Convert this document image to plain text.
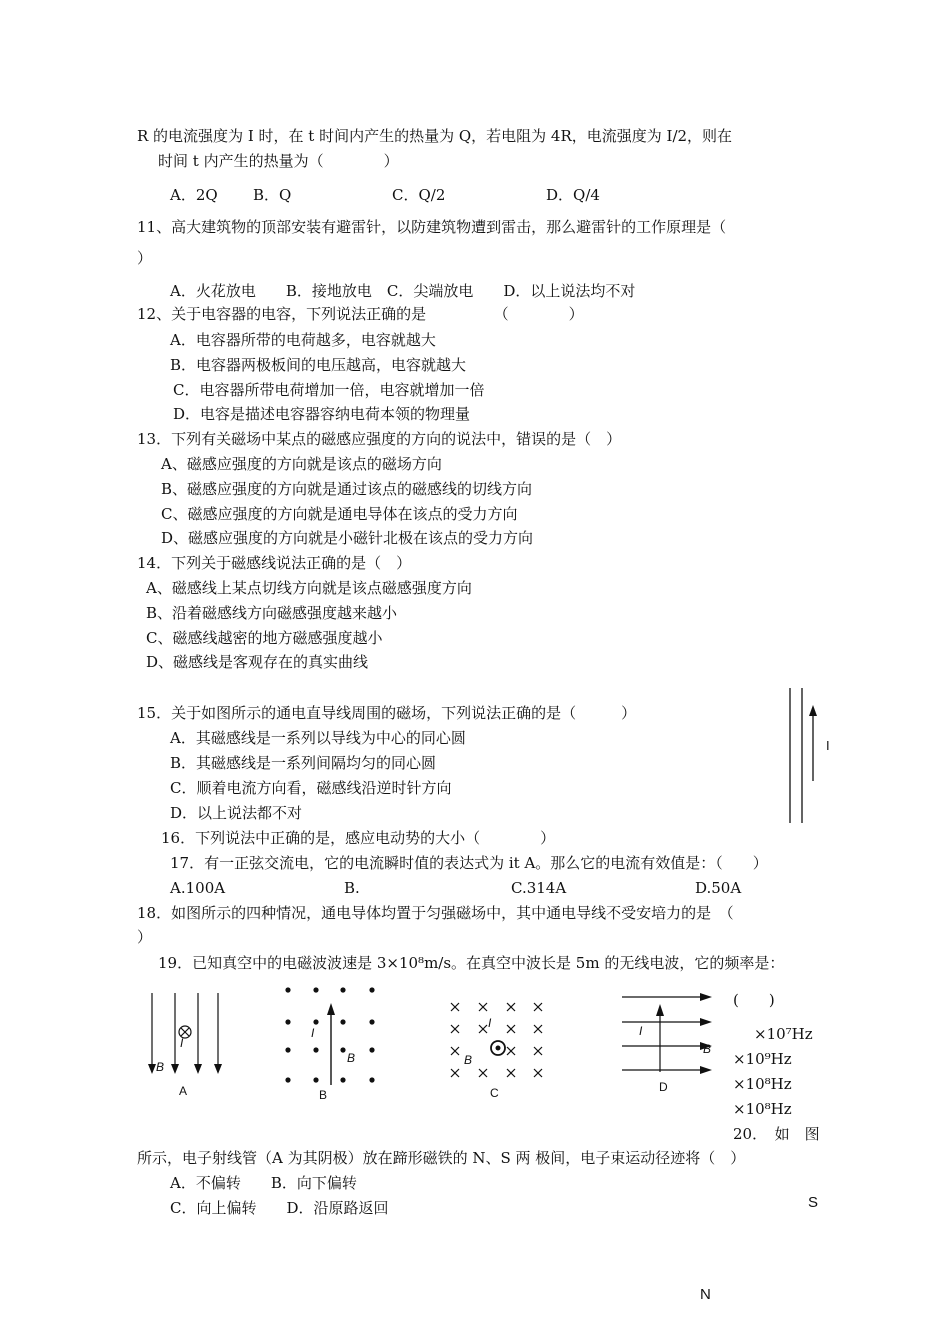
R 的电流强度为 I 时，在 t 时间内产生的热量为 Q，若电阻为 4R，电流强度为 I/2，则在
时间 t 内产生的热量为（　　　　）
A．2Q B．Q	C．Q/2	D．Q/4
11、高大建筑物的顶部安装有避雷针，以防建筑物遭到雷击，那么避雷针的工作原理是（
）
A．火花放电　　B．接地放电　C．尖端放电　　D．以上说法均不对
12、关于电容器的电容，下列说法正确的是　　　　　（　　　　）
A．电容器所带的电荷越多，电容就越大
B．电容器两极板间的电压越高，电容就越大
C．电容器所带电荷增加一倍，电容就增加一倍
D．电容是描述电容器容纳电荷本领的物理量
13．下列有关磁场中某点的磁感应强度的方向的说法中，错误的是（　）
A、磁感应强度的方向就是该点的磁场方向
B、磁感应强度的方向就是通过该点的磁感线的切线方向
C、磁感应强度的方向就是通电导体在该点的受力方向
D、磁感应强度的方向就是小磁针北极在该点的受力方向
14．下列关于磁感线说法正确的是（　）
A、磁感线上某点切线方向就是该点磁感强度方向
B、沿着磁感线方向磁感强度越来越小
C、磁感线越密的地方磁感强度越小
D、磁感线是客观存在的真实曲线
15．关于如图所示的通电直导线周围的磁场，下列说法正确的是（　　　）
A．其磁感线是一系列以导线为中心的同心圆
B．其磁感线是一系列间隔均匀的同心圆
C．顺着电流方向看，磁感线沿逆时针方向
D．以上说法都不对
I
16．下列说法中正确的是，感应电动势的大小（　　　　）
17．有一正弦交流电，它的电流瞬时值的表达式为 it A。那么它的电流有效值是：（　　）
A.100A	B.	C.314A	D.50A
18．如图所示的四种情况，通电导体均置于匀强磁场中，其中通电导线不受安培力的是　（
）
19．已知真空中的电磁波波速是 3×10⁸m/s。在真空中波长是 5m 的无线电波，它的频率是：
(　　)
×10⁷Hz
×10⁹Hz
×10⁸Hz
×10⁸Hz
I
B
A
I
B
B
I
B
C
I
B
D
20．　如　图
所示，电子射线管（A 为其阴极）放在蹄形磁铁的 N、S 两 极间，电子束运动径迹将（　）
A．不偏转　　B．向下偏转
C．向上偏转　　D．沿原路返回	S
N
